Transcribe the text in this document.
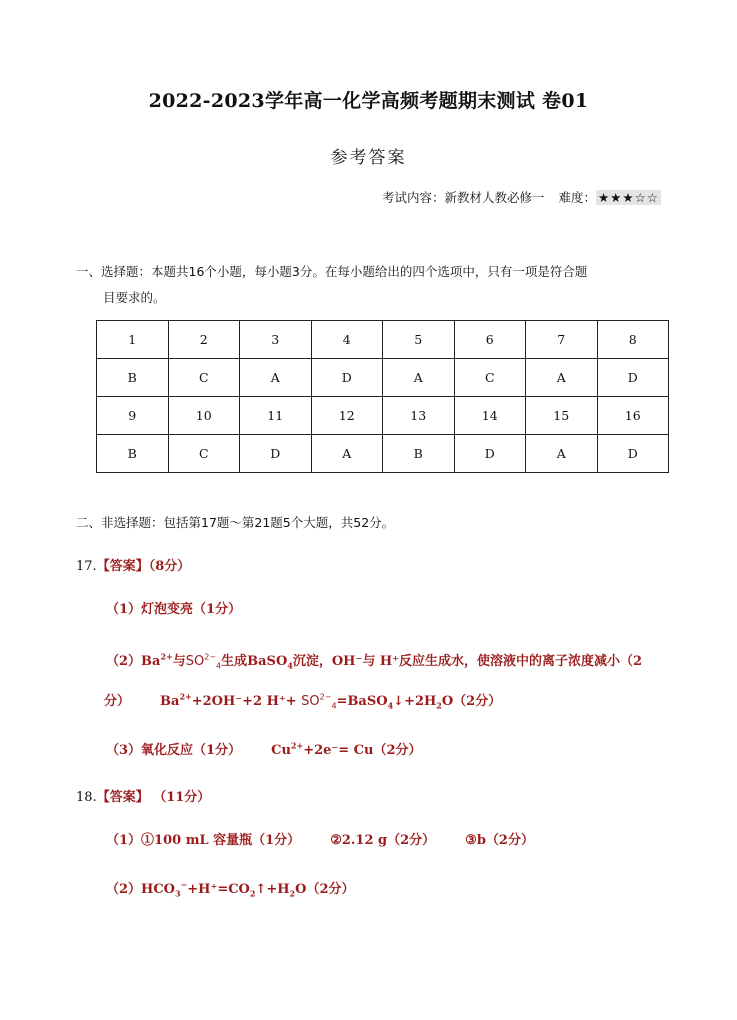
2022-2023学年高一化学高频考题期末测试 卷01
参考答案
考试内容：新教材人教必修一 难度： ★★★☆☆
一、选择题：本题共16个小题，每小题3分。在每小题给出的四个选项中，只有一项是符合题
目要求的。
1	2	3	4	5	6	7	8
B	C	A	D	A	C	A	D
9	10	11	12	13	14	15	16
B	C	D	A	B	D	A	D
二、非选择题：包括第17题～第21题5个大题，共52分。
17.【答案】（8分）
（1）灯泡变亮（1分）
$(2)Ba^{2+}$与$SO^{2-}_4$生成BaSO$_4$沉淀，OH⁻与 H⁺反应生成水，使溶液中的离子浓度减小（2
分） $Ba^{2+}+2OH^-+2$ $H^++ SO^{2-}_4=BaSO_4↓+2H_2O(2$分）
（3）氧化反应（1分） $Cu^{2+}+2e^-= Cu(2$分）
18.【答案】 （11分）
（1）①100 mL 容量瓶（1分） ②2.12 g（2分） ③b（2分）
$(2)HCO_3^-+H^+=CO_2↑+H_2O(2$分）
